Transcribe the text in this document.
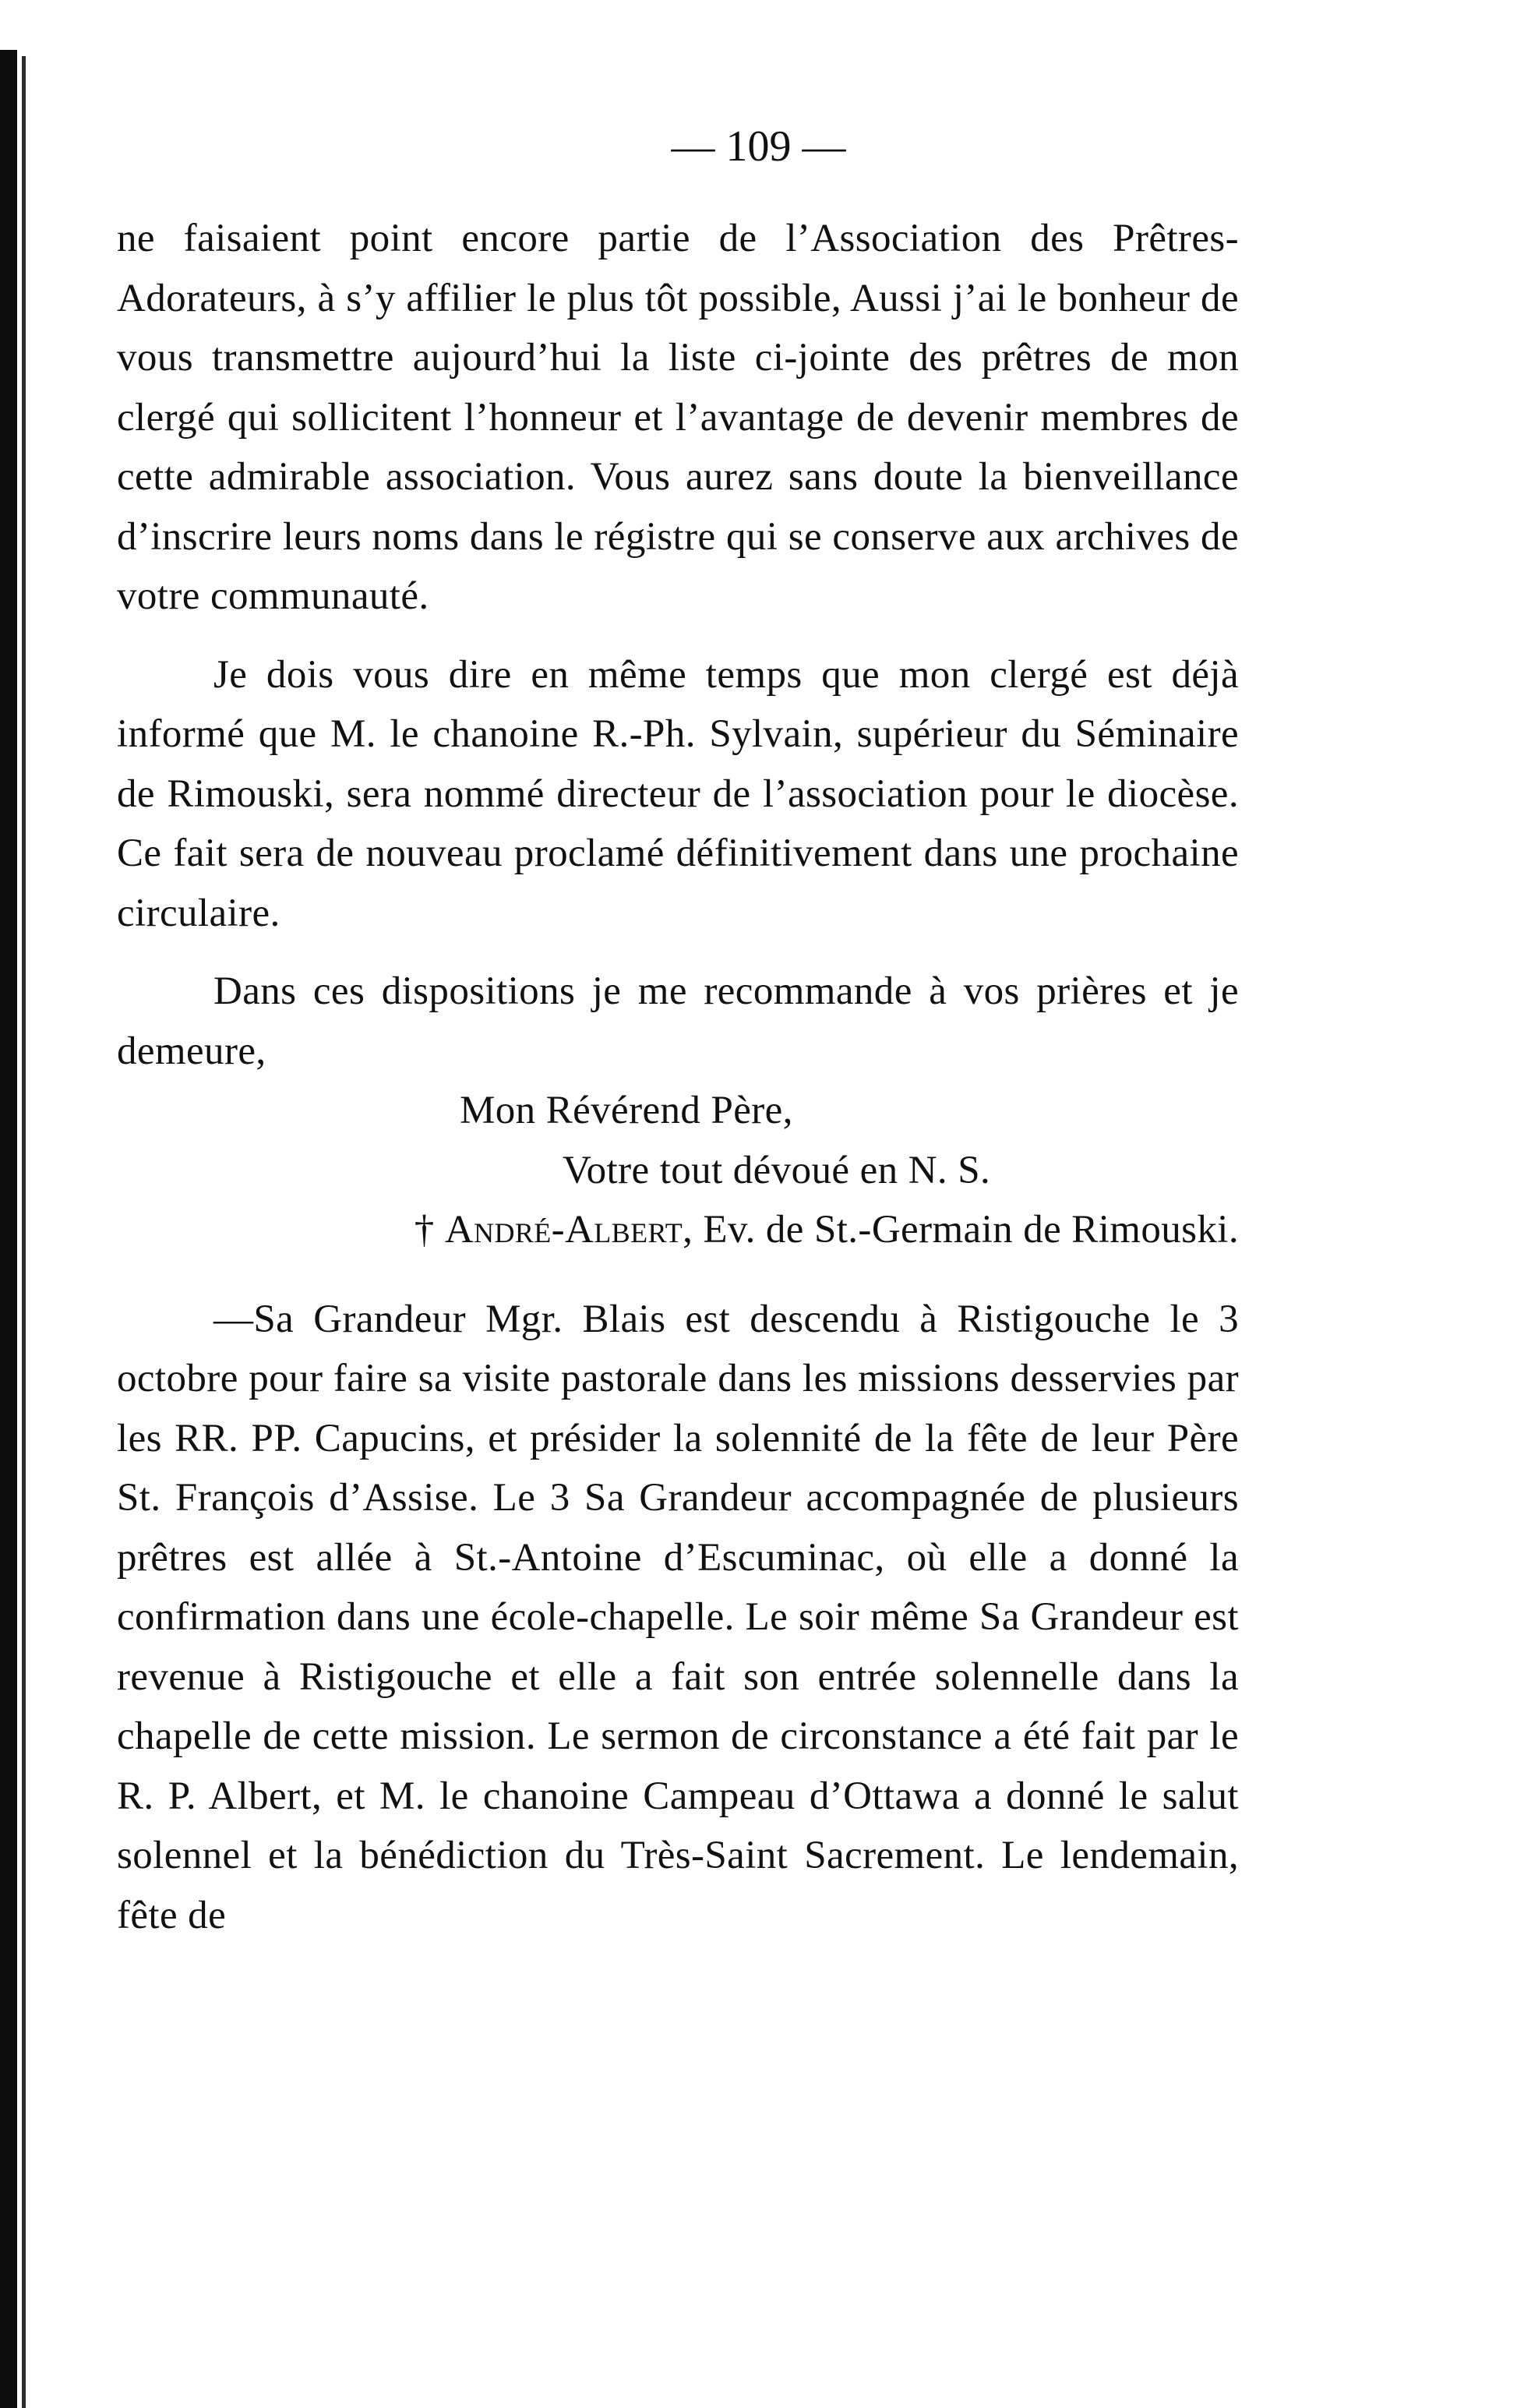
— 109 —

ne faisaient point encore partie de l’Association des Prêtres-Adorateurs, à s’y affilier le plus tôt possible, Aussi j’ai le bonheur de vous transmettre aujourd’hui la liste ci-jointe des prêtres de mon clergé qui sollicitent l’honneur et l’avantage de devenir membres de cette admirable association. Vous aurez sans doute la bienveillance d’inscrire leurs noms dans le régistre qui se conserve aux archives de votre communauté.

Je dois vous dire en même temps que mon clergé est déjà informé que M. le chanoine R.-Ph. Sylvain, supérieur du Séminaire de Rimouski, sera nommé directeur de l’association pour le diocèse. Ce fait sera de nouveau proclamé définitivement dans une prochaine circulaire.

Dans ces dispositions je me recommande à vos prières et je demeure,

Mon Révérend Père,

Votre tout dévoué en N. S.

† André-Albert, Ev. de St.-Germain de Rimouski.

—Sa Grandeur Mgr. Blais est descendu à Ristigouche le 3 octobre pour faire sa visite pastorale dans les missions desservies par les RR. PP. Capucins, et présider la solennité de la fête de leur Père St. François d’Assise. Le 3 Sa Grandeur accompagnée de plusieurs prêtres est allée à St.-Antoine d’Escuminac, où elle a donné la confirmation dans une école-chapelle. Le soir même Sa Grandeur est revenue à Ristigouche et elle a fait son entrée solennelle dans la chapelle de cette mission. Le sermon de circonstance a été fait par le R. P. Albert, et M. le chanoine Campeau d’Ottawa a donné le salut solennel et la bénédiction du Très-Saint Sacrement. Le lendemain, fête de
